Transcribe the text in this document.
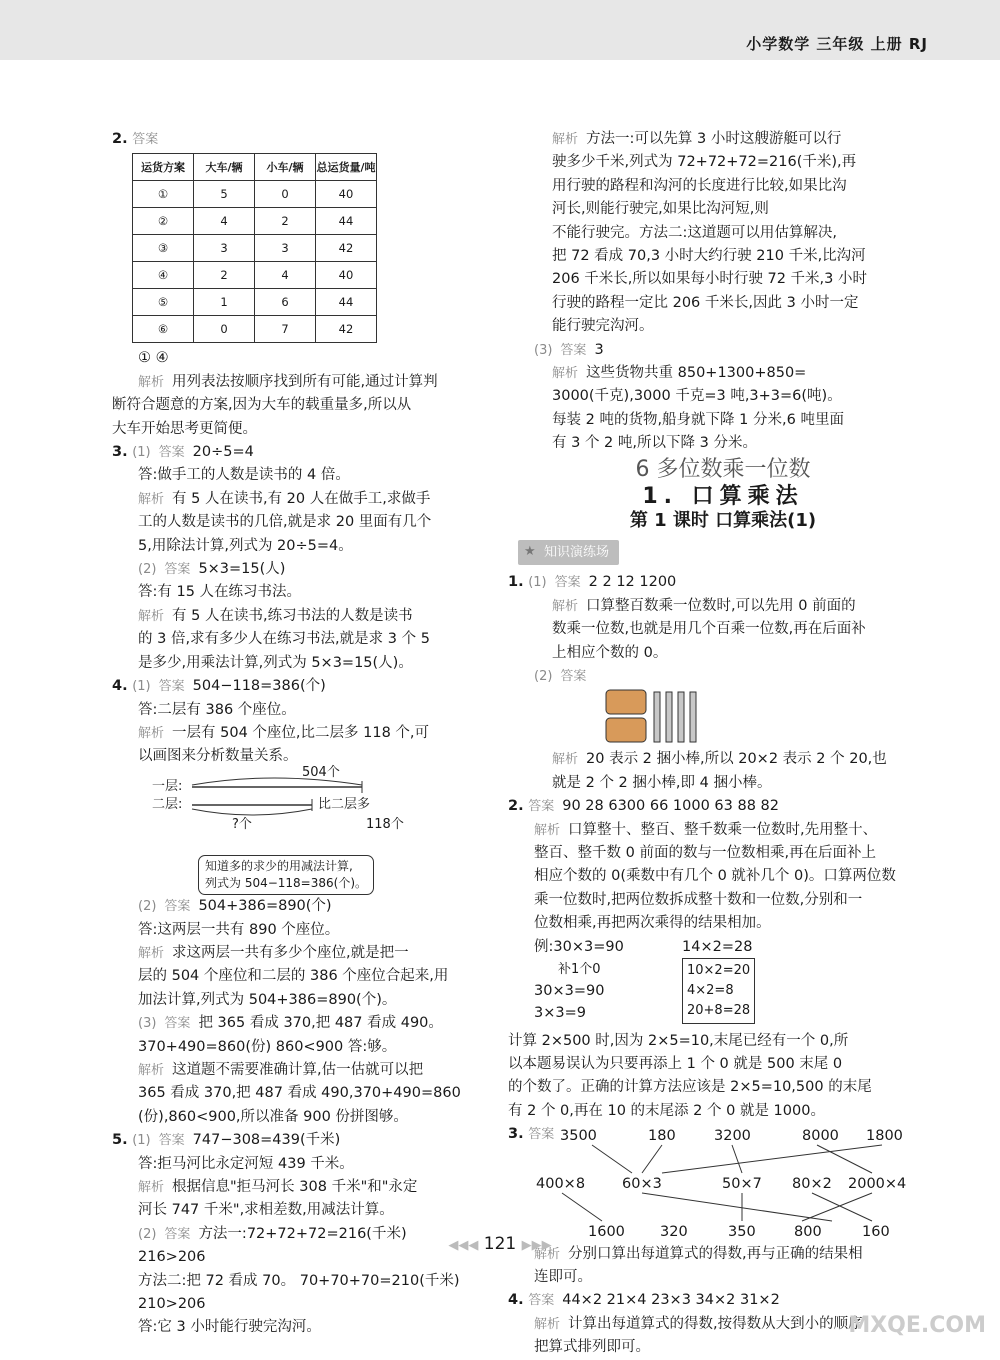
小学数学 三年级 上册 RJ

2. 答案

运货方案	大车/辆	小车/辆	总运货量/吨
①	5	0	40
②	4	2	44
③	3	3	42
④	2	4	40
⑤	1	6	44
⑥	0	7	42

① ④

解析 用列表法按顺序找到所有可能,通过计算判

断符合题意的方案,因为大车的载重量多,所以从

大车开始思考更简便。

3. (1) 答案 20÷5=4

答:做手工的人数是读书的 4 倍。

解析 有 5 人在读书,有 20 人在做手工,求做手

工的人数是读书的几倍,就是求 20 里面有几个

5,用除法计算,列式为 20÷5=4。

(2) 答案 5×3=15(人)

答:有 15 人在练习书法。

解析 有 5 人在读书,练习书法的人数是读书

的 3 倍,求有多少人在练习书法,就是求 3 个 5

是多少,用乘法计算,列式为 5×3=15(人)。

4. (1) 答案 504−118=386(个)

答:二层有 386 个座位。

解析 一层有 504 个座位,比二层多 118 个,可

以画图来分析数量关系。

504个
一层:
二层:	比二层多
?个	118个
知道多的求少的用减法计算,
列式为 504−118=386(个)。

(2) 答案 504+386=890(个)

答:这两层一共有 890 个座位。

解析 求这两层一共有多少个座位,就是把一

层的 504 个座位和二层的 386 个座位合起来,用

加法计算,列式为 504+386=890(个)。

(3) 答案 把 365 看成 370,把 487 看成 490。

370+490=860(份) 860<900 答:够。

解析 这道题不需要准确计算,估一估就可以把

365 看成 370,把 487 看成 490,370+490=860

(份),860<900,所以准备 900 份拼图够。

5. (1) 答案 747−308=439(千米)

答:拒马河比永定河短 439 千米。

解析 根据信息"拒马河长 308 千米"和"永定

河长 747 千米",求相差数,用减法计算。

(2) 答案 方法一:72+72+72=216(千米)

216>206

方法二:把 72 看成 70。 70+70+70=210(千米)

210>206

答:它 3 小时能行驶完沟河。

解析 方法一:可以先算 3 小时这艘游艇可以行

驶多少千米,列式为 72+72+72=216(千米),再

用行驶的路程和沟河的长度进行比较,如果比沟

河长,则能行驶完,如果比沟河短,则

不能行驶完。方法二:这道题可以用估算解决,

把 72 看成 70,3 小时大约行驶 210 千米,比沟河

206 千米长,所以如果每小时行驶 72 千米,3 小时

行驶的路程一定比 206 千米长,因此 3 小时一定

能行驶完沟河。

(3) 答案 3

解析 这些货物共重 850+1300+850=

3000(千克),3000 千克=3 吨,3+3=6(吨)。

每装 2 吨的货物,船身就下降 1 分米,6 吨里面

有 3 个 2 吨,所以下降 3 分米。

6 多位数乘一位数
1. 口算乘法
第 1 课时 口算乘法(1)
★ 知识演练场

1. (1) 答案 2 2 12 1200

解析 口算整百数乘一位数时,可以先用 0 前面的

数乘一位数,也就是用几个百乘一位数,再在后面补

上相应个数的 0。

(2) 答案

解析 20 表示 2 捆小棒,所以 20×2 表示 2 个 20,也

就是 2 个 2 捆小棒,即 4 捆小棒。

2. 答案 90 28 6300 66 1000 63 88 82

解析 口算整十、整百、整千数乘一位数时,先用整十、

整百、整千数 0 前面的数与一位数相乘,再在后面补上

相应个数的 0(乘数中有几个 0 就补几个 0)。口算两位数

乘一位数时,把两位数拆成整十数和一位数,分别和一

位数相乘,再把两次乘得的结果相加。

例:30×3=90
补1个0
30×3=90
3×3=9
14×2=28
10×2=20
4×2=8
20+8=28

计算 2×500 时,因为 2×5=10,末尾已经有一个 0,所

以本题易误认为只要再添上 1 个 0 就是 500 末尾 0

的个数了。正确的计算方法应该是 2×5=10,500 的末尾

有 2 个 0,再在 10 的末尾添 2 个 0 就是 1000。

3. 答案 3500	180	3200	8000 1800
400×8	60×3	50×7 80×2 2000×4
1600 320	350	800	160

解析 分别口算出每道算式的得数,再与正确的结果相

连即可。

4. 答案 44×2 21×4 23×3 34×2 31×2

解析 计算出每道算式的得数,按得数从大到小的顺序

把算式排列即可。

◀◀◀ 121 ▶▶▶
MXQE.COM
